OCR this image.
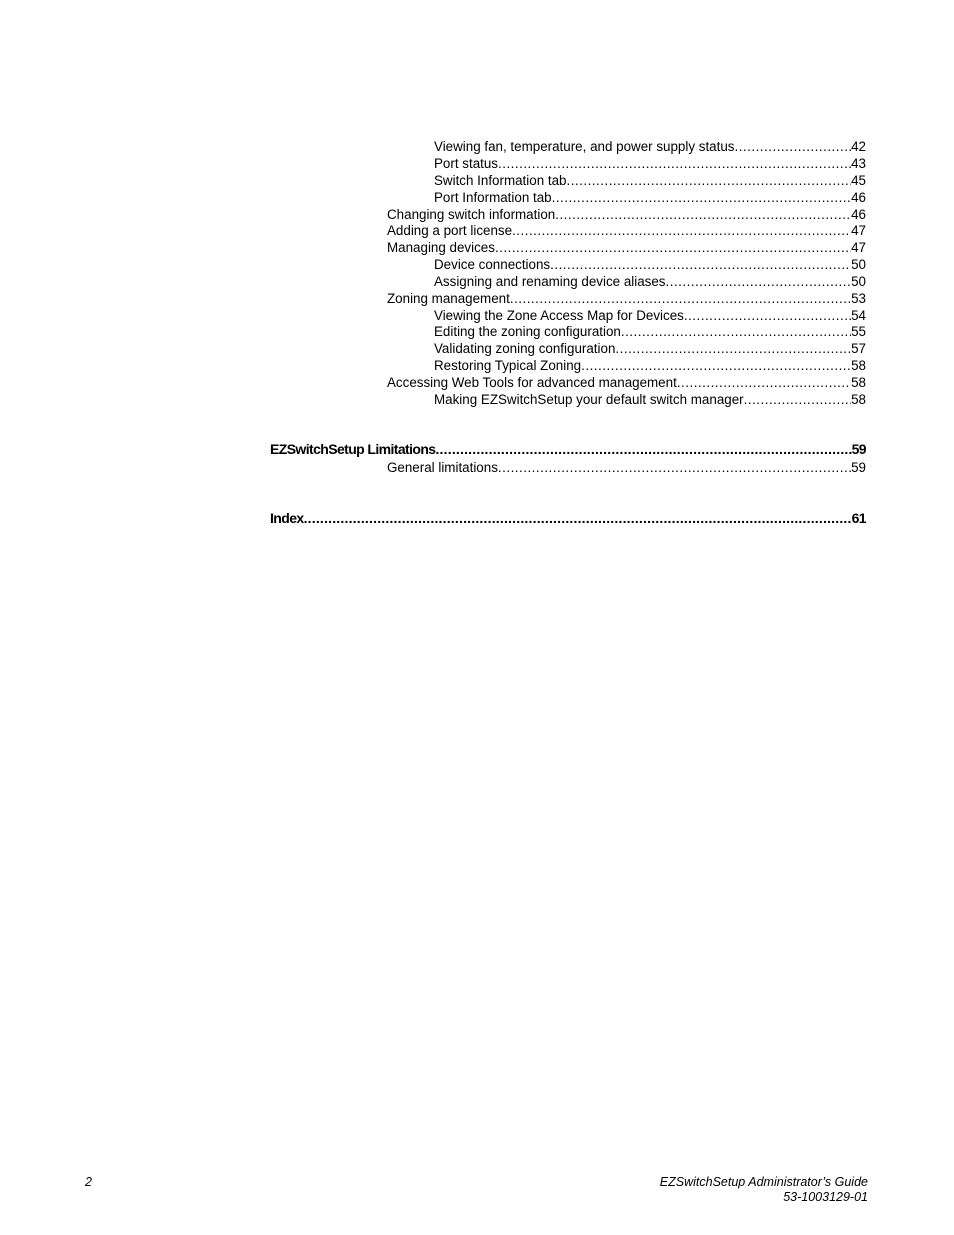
Viewing fan, temperature, and power supply status .....	42
Port status .....	43
Switch Information tab .....	45
Port Information tab .....	46
Changing switch information .....	46
Adding a port license .....	47
Managing devices .....	47
Device connections .....	50
Assigning and renaming device aliases .....	50
Zoning management .....	53
Viewing the Zone Access Map for Devices .....	54
Editing the zoning configuration .....	55
Validating zoning configuration .....	57
Restoring Typical Zoning .....	58
Accessing Web Tools for advanced management .....	58
Making EZSwitchSetup your default switch manager .....	58
EZSwitchSetup Limitations .....	59
General limitations .....	59
Index .....	61
2	EZSwitchSetup Administrator’s Guide
53-1003129-01
